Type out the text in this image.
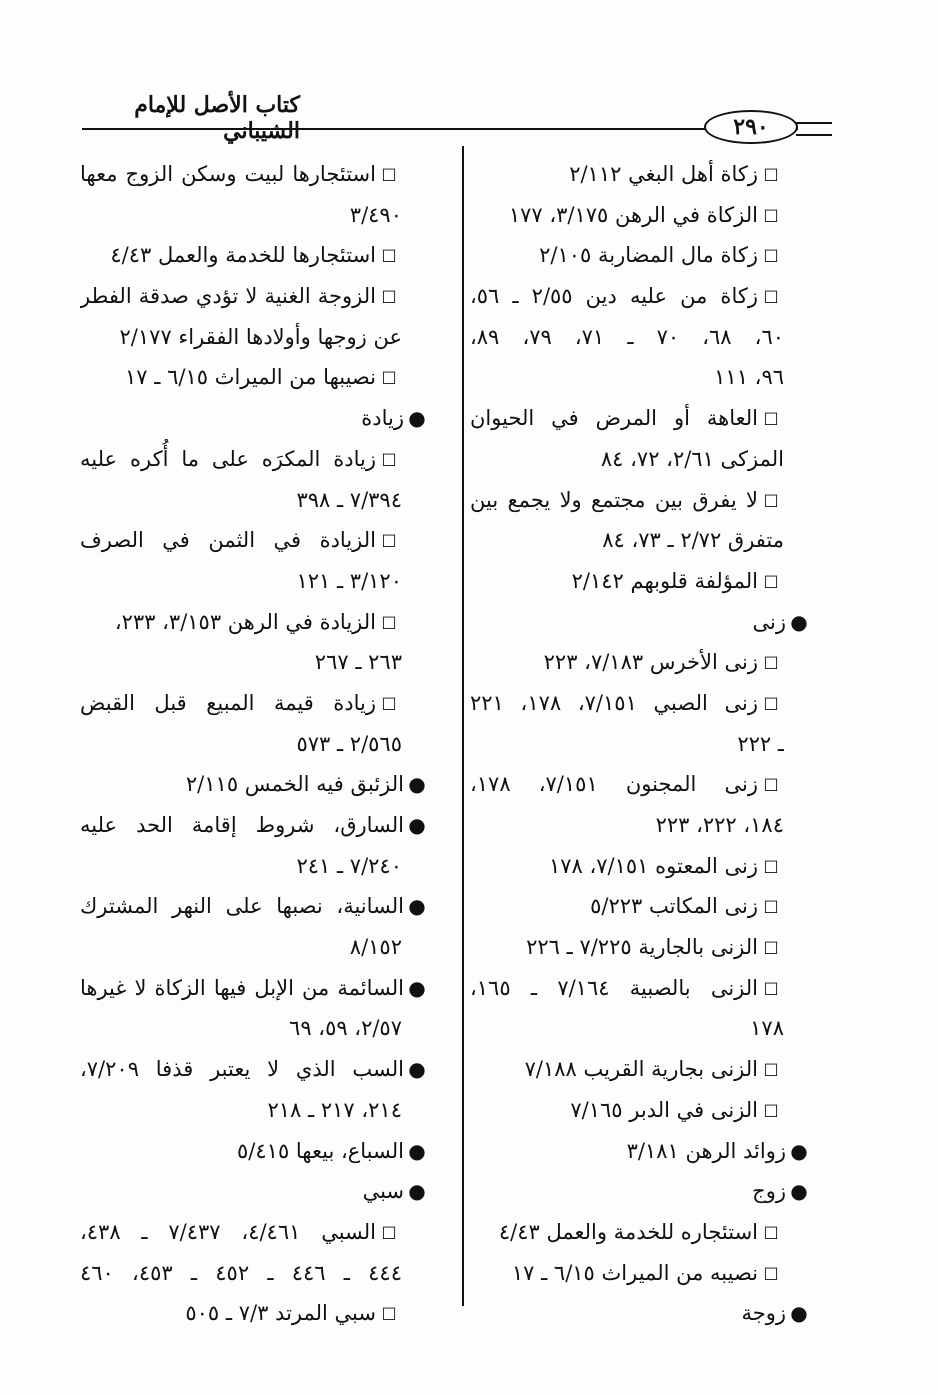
كتاب الأصل للإمام الشيباني	٢٩٠
□
زكاة أهل البغي ٢/١١٢
□
الزكاة في الرهن ٣/١٧٥، ١٧٧
□
زكاة مال المضاربة ٢/١٠٥
□
زكاة من عليه دين ٢/٥٥ ـ ٥٦،
٦٠، ٦٨، ٧٠ ـ ٧١، ٧٩، ٨٩،
٩٦، ١١١
□
العاهة أو المرض في الحيوان
المزكى ٢/٦١، ٧٢، ٨٤
□
لا يفرق بين مجتمع ولا يجمع بين
متفرق ٢/٧٢ ـ ٧٣، ٨٤
□
المؤلفة قلوبهم ٢/١٤٢
●
زنى
□
زنى الأخرس ٧/١٨٣، ٢٢٣
□
زنى الصبي ٧/١٥١، ١٧٨، ٢٢١
ـ ٢٢٢
□
زنى المجنون ٧/١٥١، ١٧٨،
١٨٤، ٢٢٢، ٢٢٣
□
زنى المعتوه ٧/١٥١، ١٧٨
□
زنى المكاتب ٥/٢٢٣
□
الزنى بالجارية ٧/٢٢٥ ـ ٢٢٦
□
الزنى بالصبية ٧/١٦٤ ـ ١٦٥،
١٧٨
□
الزنى بجارية القريب ٧/١٨٨
□
الزنى في الدبر ٧/١٦٥
●
زوائد الرهن ٣/١٨١
●
زوج
□
استئجاره للخدمة والعمل ٤/٤٣
□
نصيبه من الميراث ٦/١٥ ـ ١٧
●
زوجة
□
استئجارها لبيت وسكن الزوج معها
٣/٤٩٠
□
استئجارها للخدمة والعمل ٤/٤٣
□
الزوجة الغنية لا تؤدي صدقة الفطر
عن زوجها وأولادها الفقراء ٢/١٧٧
□
نصيبها من الميراث ٦/١٥ ـ ١٧
●
زيادة
□
زيادة المكرَه على ما أُكره عليه
٧/٣٩٤ ـ ٣٩٨
□
الزيادة في الثمن في الصرف
٣/١٢٠ ـ ١٢١
□
الزيادة في الرهن ٣/١٥٣، ٢٣٣،
٢٦٣ ـ ٢٦٧
□
زيادة قيمة المبيع قبل القبض
٢/٥٦٥ ـ ٥٧٣
●
الزئبق فيه الخمس ٢/١١٥
●
السارق، شروط إقامة الحد عليه
٧/٢٤٠ ـ ٢٤١
●
السانية، نصبها على النهر المشترك
٨/١٥٢
●
السائمة من الإبل فيها الزكاة لا غيرها
٢/٥٧، ٥٩، ٦٩
●
السب الذي لا يعتبر قذفا ٧/٢٠٩،
٢١٤، ٢١٧ ـ ٢١٨
●
السباع، بيعها ٥/٤١٥
●
سبي
□
السبي ٤/٤٦١، ٧/٤٣٧ ـ ٤٣٨،
٤٤٤ ـ ٤٤٦ ـ ٤٥٢ ـ ٤٥٣، ٤٦٠
□
سبي المرتد ٧/٣ ـ ٥٠٥
